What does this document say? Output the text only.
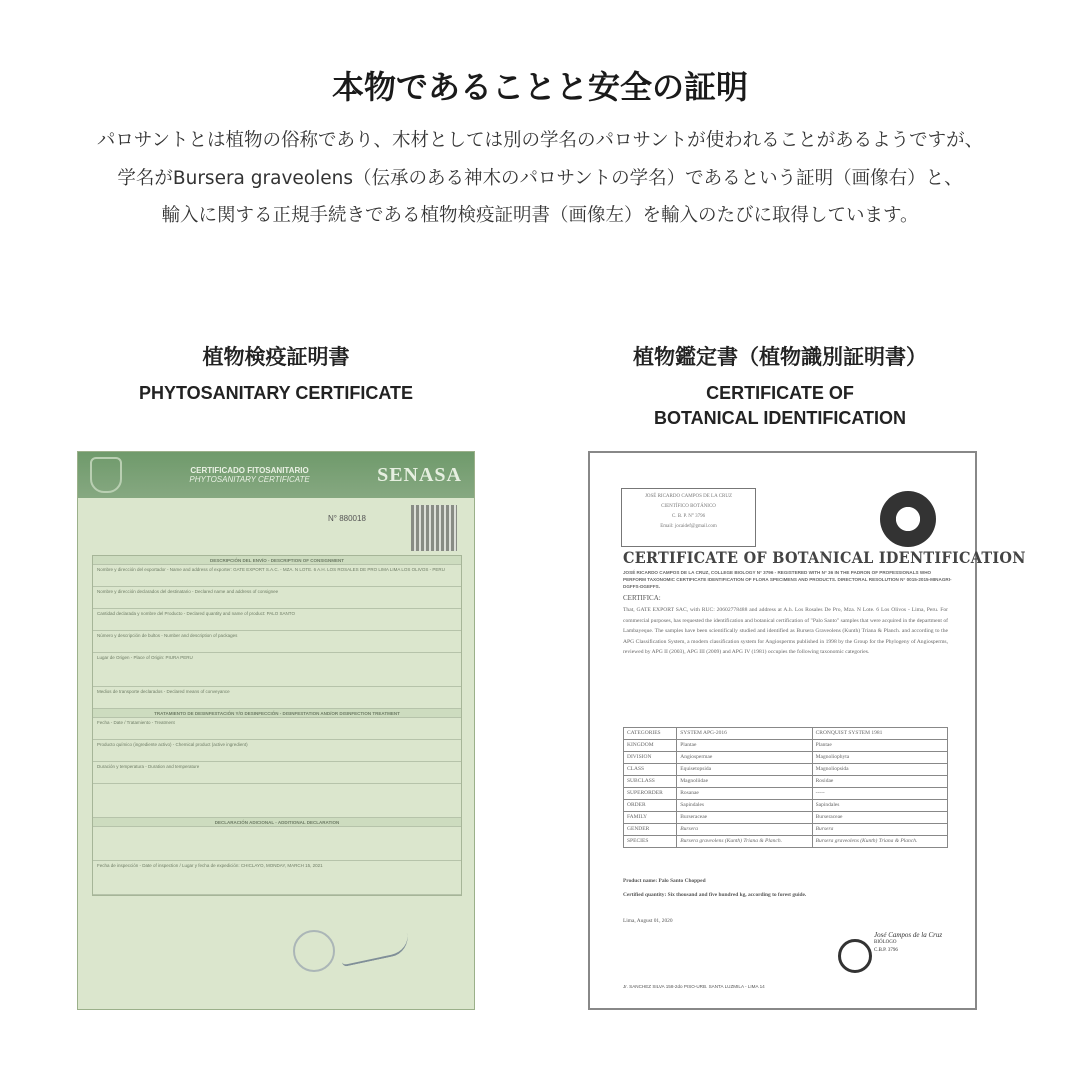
本物であることと安全の証明
パロサントとは植物の俗称であり、木材としては別の学名のパロサントが使われることがあるようですが、
学名がBursera graveolens（伝承のある神木のパロサントの学名）であるという証明（画像右）と、
輸入に関する正規手続きである植物検疫証明書（画像左）を輸入のたびに取得しています。
植物検疫証明書
PHYTOSANITARY CERTIFICATE
植物鑑定書（植物識別証明書）
CERTIFICATE OF
BOTANICAL IDENTIFICATION
CERTIFICADO FITOSANITARIO
PHYTOSANITARY CERTIFICATE	SENASA
N° 880018
DESCRIPCIÓN DEL ENVÍO - DESCRIPTION OF CONSIGNMENT
Nombre y dirección del exportador - Name and address of exporter: GATE EXPORT S.A.C. - MZA. N LOTE. 6 A.H. LOS ROSALES DE PRO LIMA LIMA LOS OLIVOS - PERU
Nombre y dirección declarados del destinatario - Declared name and address of consignee
Cantidad declarada y nombre del Producto - Declared quantity and name of product: PALO SANTO
Número y descripción de bultos - Number and description of packages
Lugar de Origen - Place of Origin: PIURA PERU
Medios de transporte declarados - Declared means of conveyance
TRATAMIENTO DE DESINFESTACIÓN Y/O DESINFECCIÓN - DISINFESTATION AND/OR DISINFECTION TREATMENT
Fecha - Date / Tratamiento - Treatment
Producto químico (ingrediente activo) - Chemical product (active ingredient)
Duración y temperatura - Duration and temperature
DECLARACIÓN ADICIONAL - ADDITIONAL DECLARATION
Fecha de inspección - Date of inspection / Lugar y fecha de expedición: CHICLAYO, MONDAY, MARCH 15, 2021
JOSÉ RICARDO CAMPOS DE LA CRUZ
CIENTÍFICO BOTÁNICO
C. B. P. N° 3796
Email: jocaidef@gmail.com
CERTIFICATE OF BOTANICAL IDENTIFICATION
JOSÉ RICARDO CAMPOS DE LA CRUZ, COLLEGE BIOLOGY N° 3796 - REGISTERED WITH N° 36 IN THE PADRON OF PROFESSIONALS WHO PERFORM TAXONOMIC CERTIFICATE IDENTIFICATION OF FLORA SPECIMENS AND PRODUCTS. DIRECTORAL RESOLUTION N° 0015-2015-MINAGRI-DGFFS-DGEFFS.
CERTIFICA:
That, GATE EXPORT SAC, with RUC: 20602778488 and address at A.h. Los Rosales De Pro, Mza. N Lote. 6 Los Olivos - Lima, Peru. For commercial purposes, has requested the identification and botanical certification of "Palo Santo" samples that were acquired in the department of Lambayeque. The samples have been scientifically studied and identified as Bursera Graveolens (Kunth) Triana & Planch. and according to the APG Classification System, a modern classification system for Angiosperms published in 1998 by the Group for the Phylogeny of Angiosperms, reviewed by APG II (2003), APG III (2009) and APG IV (1981) occupies the following taxonomic categories.
CATEGORIES	SYSTEM APG-2016	CRONQUIST SYSTEM 1981
KINGDOM	Plantae	Plantae
DIVISION	Angiospermae	Magnoliophyta
CLASS	Equisetopsida	Magnoliopsida
SUBCLASS	Magnoliidae	Rosidae
SUPERORDER	Rosanae	-----
ORDER	Sapindales	Sapindales
FAMILY	Burseraceae	Burseraceae
GENDER	Bursera	Bursera
SPECIES	Bursera graveolens (Kunth) Triana & Planch.	Bursera graveolens (Kunth) Triana & Planch.
Product name: Palo Santo Chopped
Certified quantity: Six thousand and five hundred kg, according to forest guide.
Lima, August 01, 2020
José Campos de la Cruz
BIÓLOGO
C.B.P. 3796
Jr. SANCHEZ SILVA 158-2do PISO-URB. SANTA LUZMILA - LIMA 14
